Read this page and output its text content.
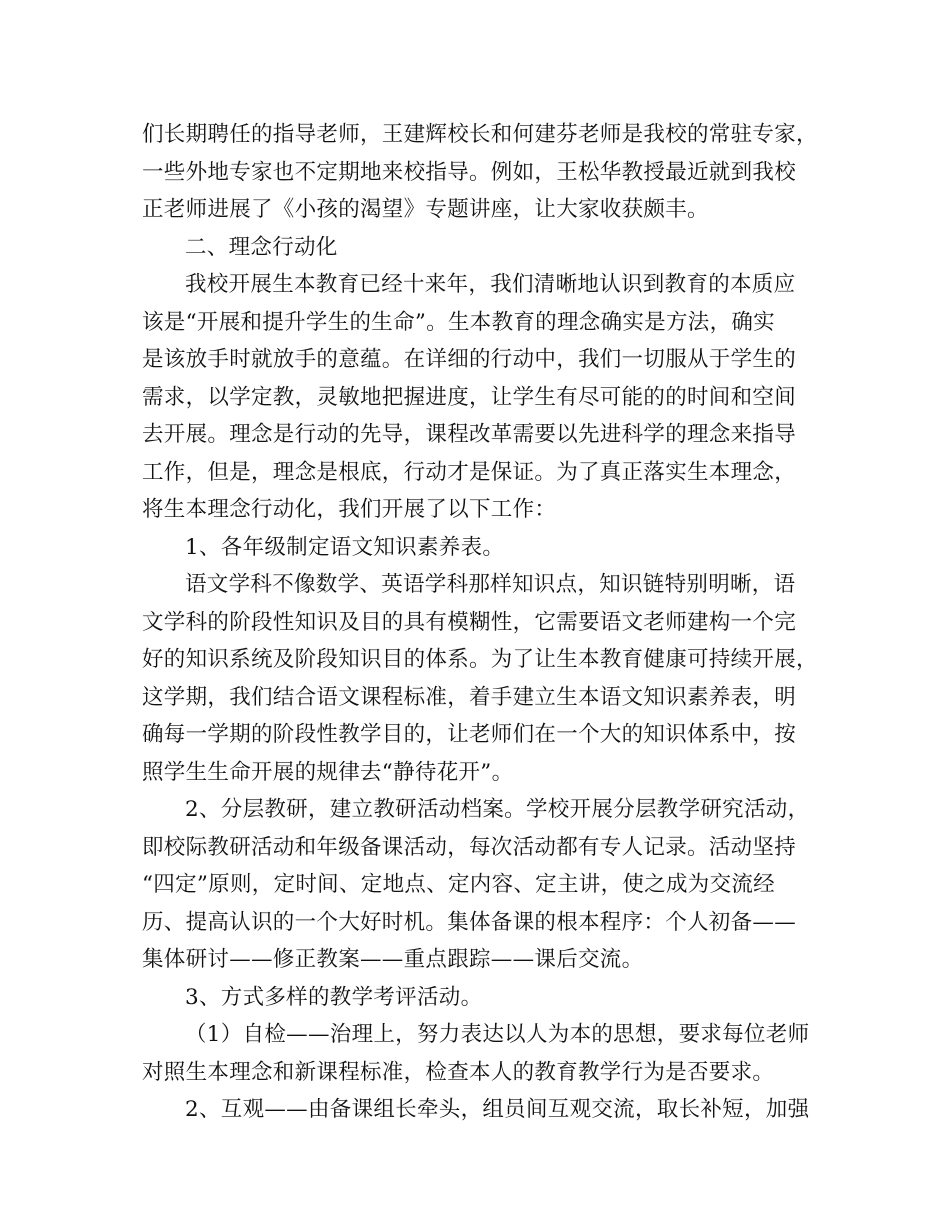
们长期聘任的指导老师，王建辉校长和何建芬老师是我校的常驻专家，
一些外地专家也不定期地来校指导。例如，王松华教授最近就到我校
正老师进展了《小孩的渴望》专题讲座，让大家收获颇丰。
二、理念行动化
我校开展生本教育已经十来年，我们清晰地认识到教育的本质应
该是“开展和提升学生的生命”。生本教育的理念确实是方法，确实
是该放手时就放手的意蕴。在详细的行动中，我们一切服从于学生的
需求，以学定教，灵敏地把握进度，让学生有尽可能的的时间和空间
去开展。理念是行动的先导，课程改革需要以先进科学的理念来指导
工作，但是，理念是根底，行动才是保证。为了真正落实生本理念，
将生本理念行动化，我们开展了以下工作：
1、各年级制定语文知识素养表。
语文学科不像数学、英语学科那样知识点，知识链特别明晰，语
文学科的阶段性知识及目的具有模糊性，它需要语文老师建构一个完
好的知识系统及阶段知识目的体系。为了让生本教育健康可持续开展，
这学期，我们结合语文课程标准，着手建立生本语文知识素养表，明
确每一学期的阶段性教学目的，让老师们在一个大的知识体系中，按
照学生生命开展的规律去“静待花开”。
2、分层教研，建立教研活动档案。学校开展分层教学研究活动，
即校际教研活动和年级备课活动，每次活动都有专人记录。活动坚持
“四定”原则，定时间、定地点、定内容、定主讲，使之成为交流经
历、提高认识的一个大好时机。集体备课的根本程序：个人初备——
集体研讨——修正教案——重点跟踪——课后交流。
3、方式多样的教学考评活动。
（1）自检——治理上，努力表达以人为本的思想，要求每位老师
对照生本理念和新课程标准，检查本人的教育教学行为是否要求。
2、互观——由备课组长牵头，组员间互观交流，取长补短，加强
